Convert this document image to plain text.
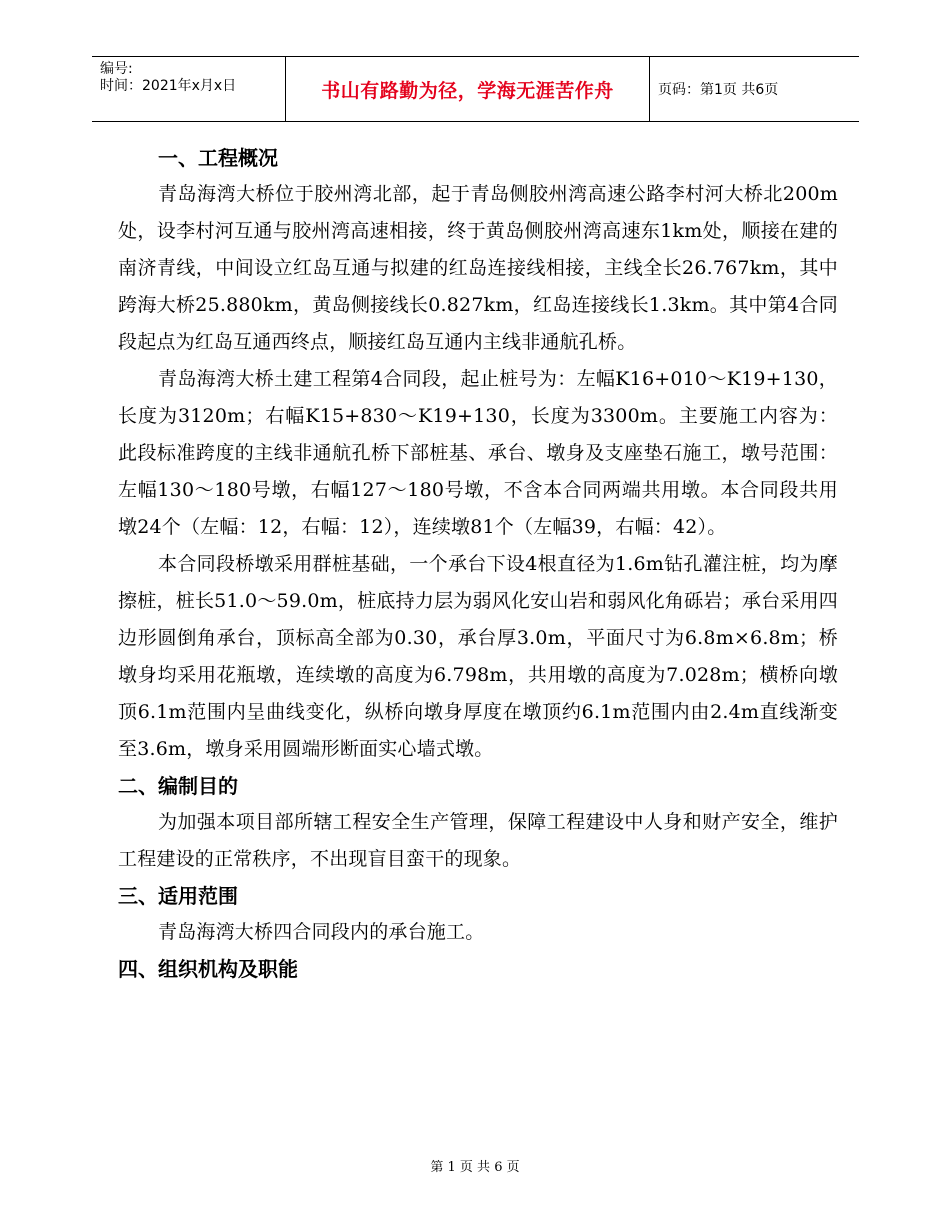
编号:
时间：2021年x月x日	书山有路勤为径，学海无涯苦作舟	页码：第1页 共6页
一、工程概况

青岛海湾大桥位于胶州湾北部，起于青岛侧胶州湾高速公路李村河大桥北200m处，设李村河互通与胶州湾高速相接，终于黄岛侧胶州湾高速东1km处，顺接在建的南济青线，中间设立红岛互通与拟建的红岛连接线相接，主线全长26.767km，其中跨海大桥25.880km，黄岛侧接线长0.827km，红岛连接线长1.3km。其中第4合同段起点为红岛互通西终点，顺接红岛互通内主线非通航孔桥。

青岛海湾大桥土建工程第4合同段，起止桩号为：左幅K16+010～K19+130，长度为3120m；右幅K15+830～K19+130，长度为3300m。主要施工内容为：此段标准跨度的主线非通航孔桥下部桩基、承台、墩身及支座垫石施工，墩号范围：左幅130～180号墩，右幅127～180号墩，不含本合同两端共用墩。本合同段共用墩24个（左幅：12，右幅：12），连续墩81个（左幅39，右幅：42）。

本合同段桥墩采用群桩基础，一个承台下设4根直径为1.6m钻孔灌注桩，均为摩擦桩，桩长51.0～59.0m，桩底持力层为弱风化安山岩和弱风化角砾岩；承台采用四边形圆倒角承台，顶标高全部为0.30，承台厚3.0m，平面尺寸为6.8m×6.8m；桥墩身均采用花瓶墩，连续墩的高度为6.798m，共用墩的高度为7.028m；横桥向墩顶6.1m范围内呈曲线变化，纵桥向墩身厚度在墩顶约6.1m范围内由2.4m直线渐变至3.6m，墩身采用圆端形断面实心墙式墩。

二、编制目的

为加强本项目部所辖工程安全生产管理，保障工程建设中人身和财产安全，维护工程建设的正常秩序，不出现盲目蛮干的现象。

三、适用范围

青岛海湾大桥四合同段内的承台施工。

四、组织机构及职能
第 1 页 共 6 页
